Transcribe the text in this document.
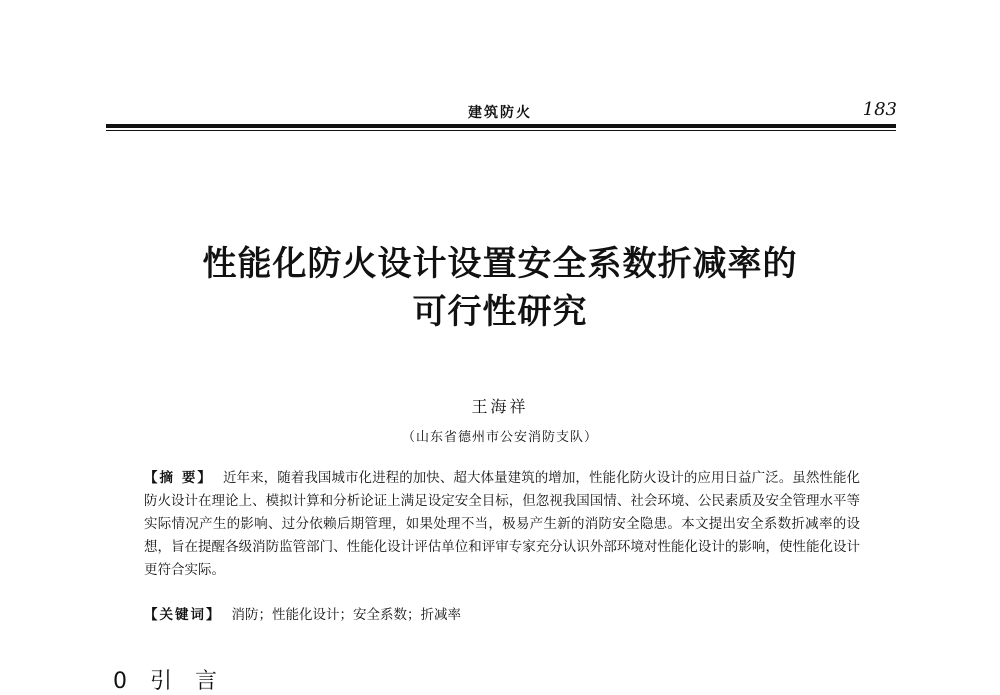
建筑防火	183
性能化防火设计设置安全系数折减率的
可行性研究
王海祥
（山东省德州市公安消防支队）
【摘 要】 近年来，随着我国城市化进程的加快、超大体量建筑的增加，性能化防火设计的应用日益广泛。虽然性能化防火设计在理论上、模拟计算和分析论证上满足设定安全目标，但忽视我国国情、社会环境、公民素质及安全管理水平等实际情况产生的影响、过分依赖后期管理，如果处理不当，极易产生新的消防安全隐患。本文提出安全系数折减率的设想，旨在提醒各级消防监管部门、性能化设计评估单位和评审专家充分认识外部环境对性能化设计的影响，使性能化设计更符合实际。
【关键词】 消防；性能化设计；安全系数；折减率
0 引 言
